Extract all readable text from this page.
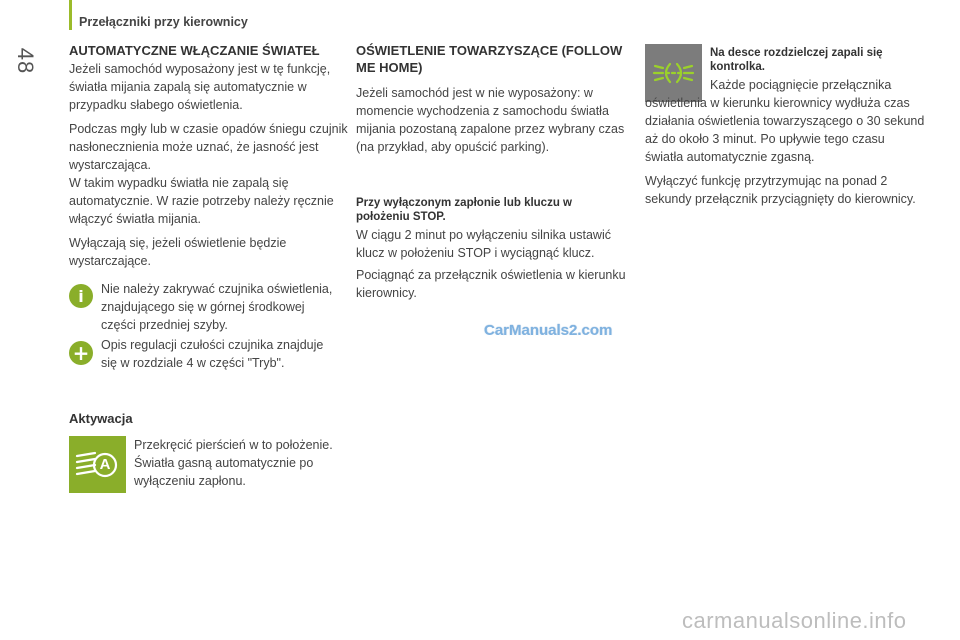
48
Przełączniki przy kierownicy

AUTOMATYCZNE WŁĄCZANIE ŚWIATEŁ

Jeżeli samochód wyposażony jest w tę funkcję, światła mijania zapalą się automatycznie w przypadku słabego oświetlenia.

Podczas mgły lub w czasie opadów śniegu czujnik nasłonecznienia może uznać, że jasność jest wystarczająca.

W takim wypadku światła nie zapalą się automatycznie. W razie potrzeby należy ręcznie włączyć światła mijania.

Wyłączają się, jeżeli oświetlenie będzie wystarczające.

i Nie należy zakrywać czujnika oświetlenia, znajdującego się w górnej środkowej części przedniej szyby.

+ Opis regulacji czułości czujnika znajduje się w rozdziale 4 w części "Tryb".

Aktywacja

A

Przekręcić pierścień w to położenie. Światła gasną automatycznie po wyłączeniu zapłonu.

OŚWIETLENIE TOWARZYSZĄCE (FOLLOW ME HOME)

Jeżeli samochód jest w nie wyposażony: w momencie wychodzenia z samochodu światła mijania pozostaną zapalone przez wybrany czas (na przykład, aby opuścić parking).

Przy wyłączonym zapłonie lub kluczu w położeniu STOP.

W ciągu 2 minut po wyłączeniu silnika ustawić klucz w położeniu STOP i wyciągnąć klucz.

Pociągnąć za przełącznik oświetlenia w kierunku kierownicy.

CarManuals2.com

Na desce rozdzielczej zapali się kontrolka.

Każde pociągnięcie przełącznika oświetlenia w kierunku kierownicy wydłuża czas działania oświetlenia towarzyszącego o 30 sekund aż do około 3 minut. Po upływie tego czasu światła automatycznie zgasną.

Wyłączyć funkcję przytrzymując na ponad 2 sekundy przełącznik przyciągnięty do kierownicy.

carmanualsonline.info
